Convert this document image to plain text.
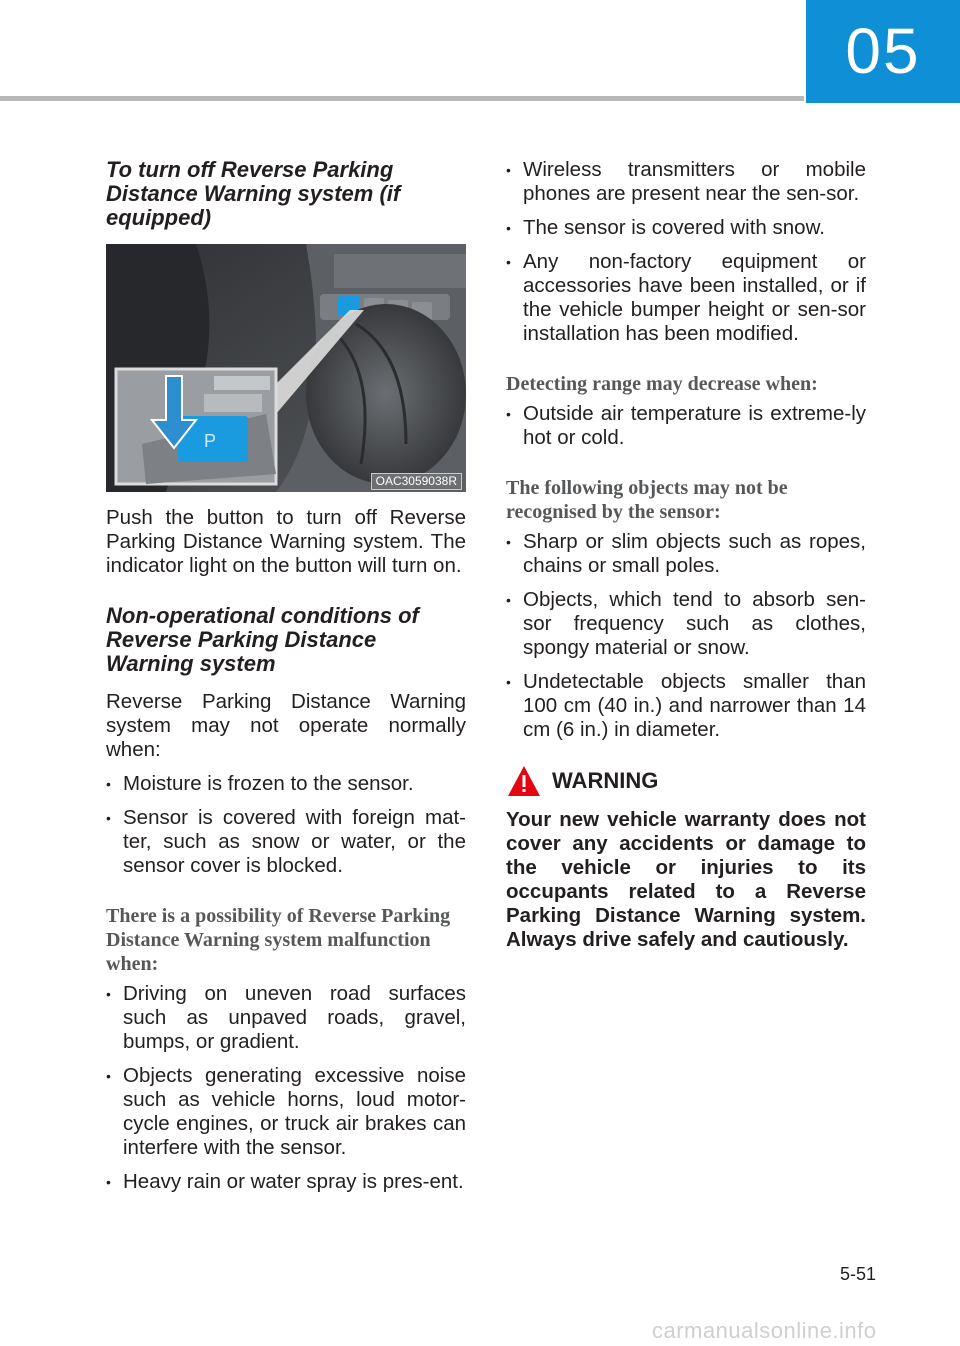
05
To turn off Reverse Parking Distance Warning system (if equipped)
P
OAC3059038R

Push the button to turn off Reverse Parking Distance Warning system. The indicator light on the button will turn on.

Non-operational conditions of Reverse Parking Distance Warning system

Reverse Parking Distance Warning system may not operate normally when:

• Moisture is frozen to the sensor.
• Sensor is covered with foreign mat-ter, such as snow or water, or the sensor cover is blocked.
There is a possibility of Reverse Parking Distance Warning system malfunction when:
• Driving on uneven road surfaces such as unpaved roads, gravel, bumps, or gradient.
• Objects generating excessive noise such as vehicle horns, loud motor-cycle engines, or truck air brakes can interfere with the sensor.
• Heavy rain or water spray is pres-ent.
• Wireless transmitters or mobile phones are present near the sen-sor.
• The sensor is covered with snow.
• Any non-factory equipment or accessories have been installed, or if the vehicle bumper height or sen-sor installation has been modified.
Detecting range may decrease when:
• Outside air temperature is extreme-ly hot or cold.
The following objects may not be recognised by the sensor:
• Sharp or slim objects such as ropes, chains or small poles.
• Objects, which tend to absorb sen-sor frequency such as clothes, spongy material or snow.
• Undetectable objects smaller than 100 cm (40 in.) and narrower than 14 cm (6 in.) in diameter.
WARNING

Your new vehicle warranty does not cover any accidents or damage to the vehicle or injuries to its occupants related to a Reverse Parking Distance Warning system. Always drive safely and cautiously.

5-51
carmanualsonline.info
